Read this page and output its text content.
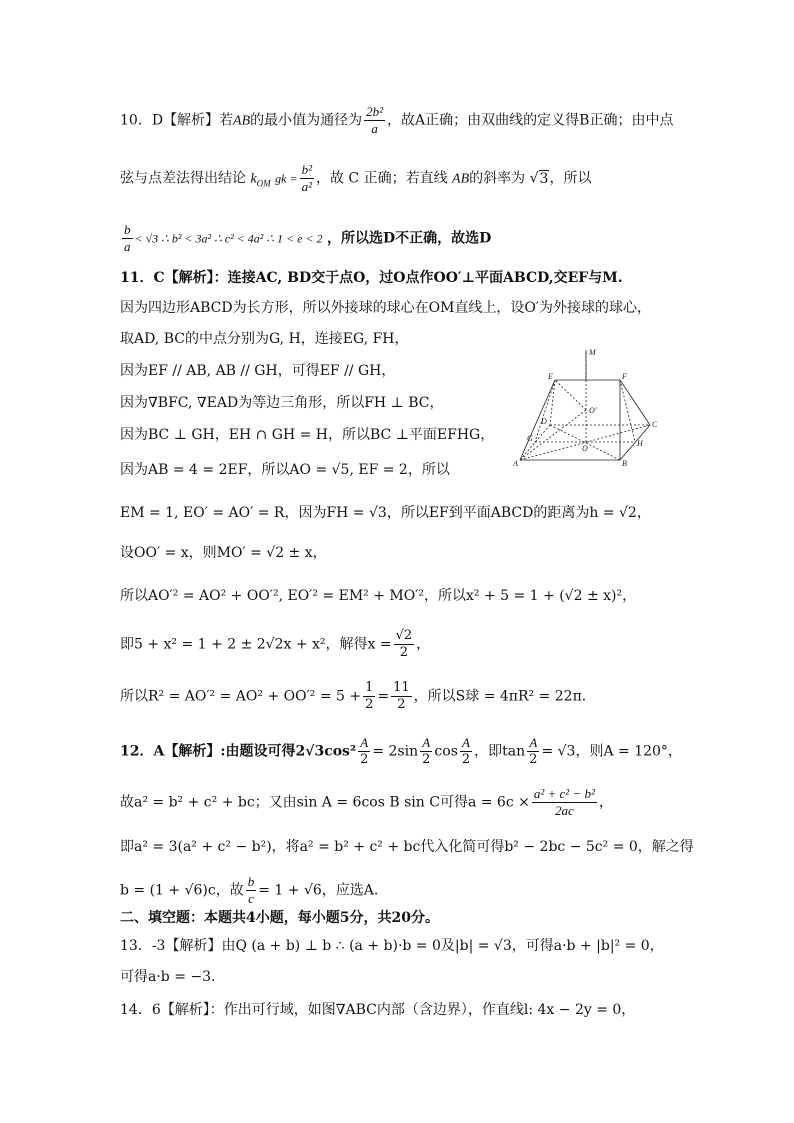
10．D【解析】若AB的最小值为通径为 $\frac{\text{2b²}}{a}$ ，故A正确；由双曲线的定义得B正确；由中点
弦与点差法得出结论 $k_{OM}$ gk = $\frac{\text{b²}}{\text{a²}}$ ，故 C 正确；若直线 AB的斜率为 √3，所以
$\frac{b}{a} < √3$ ∴ b² < 3a² ∴ c² < 4a² ∴ 1 < e < 2 ，所以选D不正确，故选D
11．C【解析】：连接AC, BD交于点O，过O点作OO′⊥平面ABCD,交EF与M.
因为四边形ABCD为长方形，所以外接球的球心在OM直线上，设O′为外接球的球心，
取AD, BC的中点分别为G, H，连接EG, FH，
因为EF // AB, AB // GH，可得EF // GH，
因为∇BFC, ∇EAD为等边三角形，所以FH ⊥ BC，
因为BC ⊥ GH，EH ∩ GH = H，所以BC ⊥平面EFHG，
因为AB = 4 = 2EF，所以AO = √5, EF = 2，所以
EM = 1, EO′ = AO′ = R，因为FH = √3，所以EF到平面ABCD的距离为h = √2，
设OO′ = x，则MO′ = √2 ± x，
所以AO′² = AO² + OO′², EO′² = EM² + MO′²，所以x² + 5 = 1 + (√2 ± x)²，
即5 + x² = 1 + 2 ± 2√2x + x²，解得$x = \frac{√2}{2}$ ，
所以$R^2 = AO'^2 = AO^2 + OO'^2 = 5 + \frac{1}{2} = \frac{11}{2}$ ，所以S球 = 4πR² = 22π.
M
E	F
O′
D	C
G
H
O
A	B
12．A【解析】:由题设可得$2√3\cos^2 \frac{A}{2} = 2\sin \frac{A}{2}$ $\cos \frac{A}{2}$ ，即$\tan \frac{A}{2} = √3$，则A = 120°，
故a² = b² + c² + bc；又由sin A = 6cos B sin C可得$a = 6c \times \frac{\text{a² + c² − b²}}{2ac}$ ，
即a² = 3(a² + c² − b²)，将a² = b² + c² + bc代入化简可得b² − 2bc − 5c² = 0，解之得
b = (1 + √6)c，故 $\frac{b}{c} = 1 + √6$，应选A.
二、填空题：本题共4小题，每小题5分，共20分。
13．-3【解析】由Q (a + b) ⊥ b ∴ (a + b)·b = 0及|b| = √3，可得a·b + |b|² = 0，
可得a·b = −3.
14．6【解析】：作出可行域，如图∇ABC内部（含边界），作直线l: 4x − 2y = 0，
